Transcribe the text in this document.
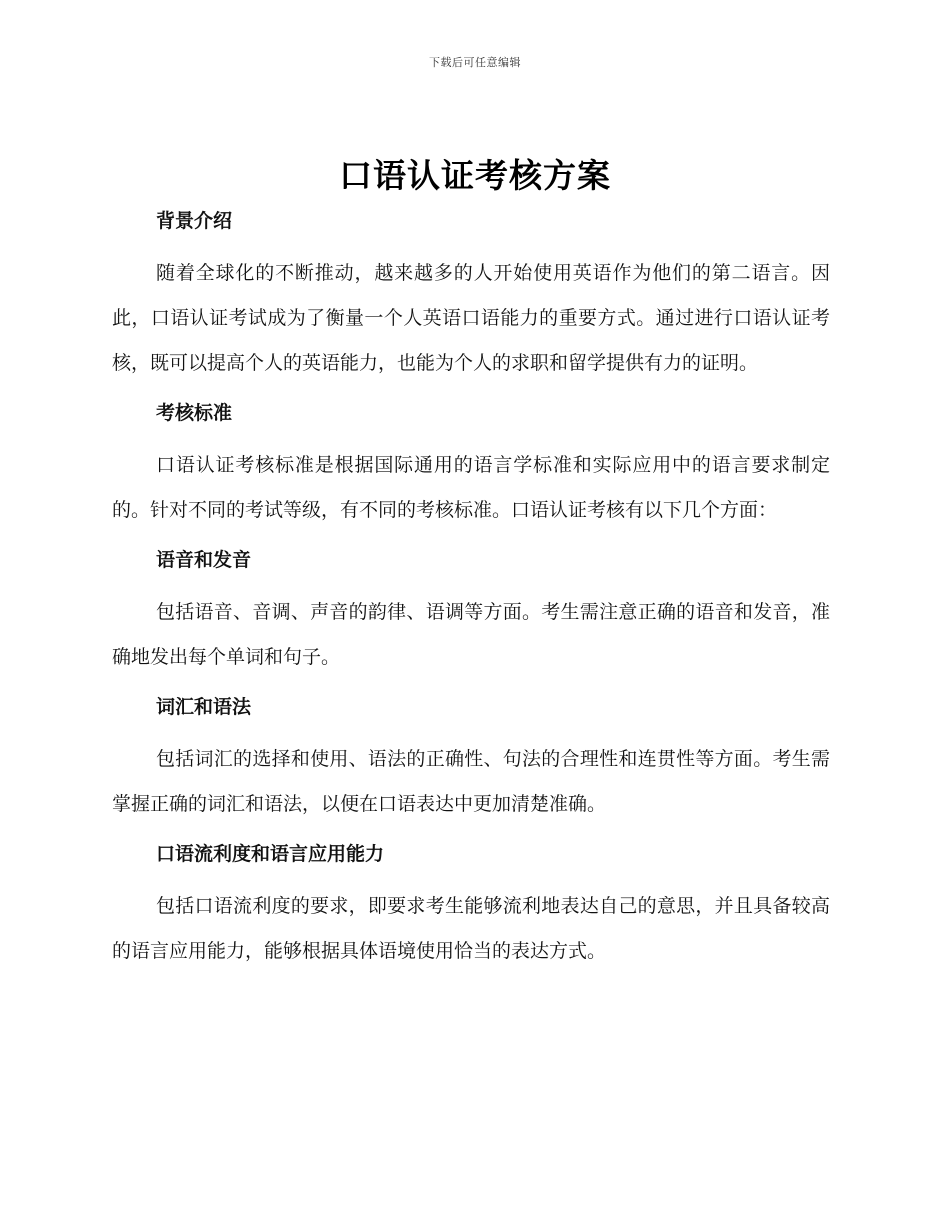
下载后可任意编辑
口语认证考核方案
背景介绍

随着全球化的不断推动，越来越多的人开始使用英语作为他们的第二语言。因此，口语认证考试成为了衡量一个人英语口语能力的重要方式。通过进行口语认证考核，既可以提高个人的英语能力，也能为个人的求职和留学提供有力的证明。

考核标准

口语认证考核标准是根据国际通用的语言学标准和实际应用中的语言要求制定的。针对不同的考试等级，有不同的考核标准。口语认证考核有以下几个方面：

语音和发音

包括语音、音调、声音的韵律、语调等方面。考生需注意正确的语音和发音，准确地发出每个单词和句子。

词汇和语法

包括词汇的选择和使用、语法的正确性、句法的合理性和连贯性等方面。考生需掌握正确的词汇和语法，以便在口语表达中更加清楚准确。

口语流利度和语言应用能力

包括口语流利度的要求，即要求考生能够流利地表达自己的意思，并且具备较高的语言应用能力，能够根据具体语境使用恰当的表达方式。
